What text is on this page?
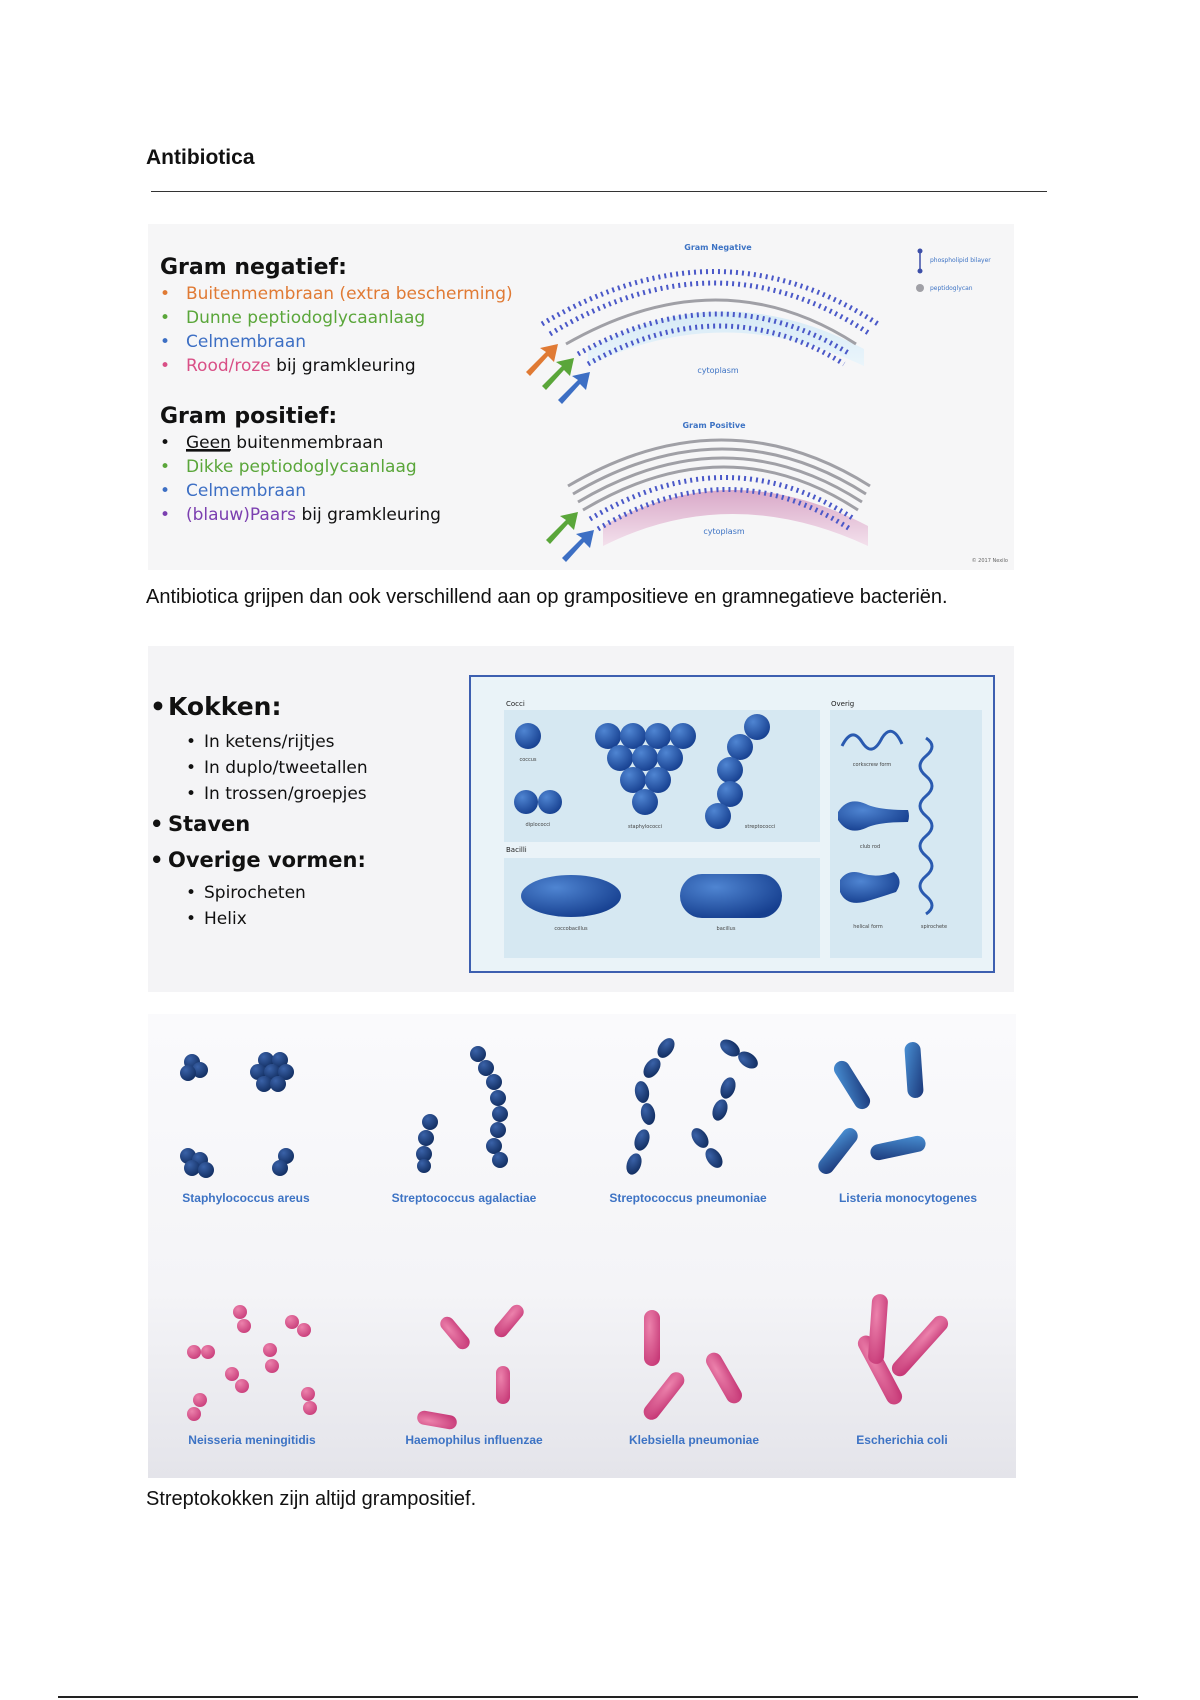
Antibiotica
Gram negatief:
• Buitenmembraan (extra bescherming)
• Dunne peptiodoglycaanlaag
• Celmembraan
• Rood/roze bij gramkleuring
Gram positief:
• Geen buitenmembraan
• Dikke peptiodoglycaanlaag
• Celmembraan
• (blauw)Paars bij gramkleuring
Gram Negative
cytoplasm
phospholipid bilayer
peptidoglycan
Gram Positive
cytoplasm
© 2017 Nexilo

Antibiotica grijpen dan ook verschillend aan op grampositieve en gramnegatieve bacteriën.

• Kokken:
• In ketens/rijtjes
• In duplo/tweetallen
• In trossen/groepjes
• Staven
• Overige vormen:
• Spirocheten
• Helix
Cocci	Overig
Bacilli
coccus
diplococci	staphylococci	streptococci
coccobacillus	bacillus
corkscrew form
club rod
helical form	spirochete
Staphylococcus areus	Streptococcus agalactiae	Streptococcus pneumoniae	Listeria monocytogenes
Neisseria meningitidis	Haemophilus influenzae	Klebsiella pneumoniae	Escherichia coli

Streptokokken zijn altijd grampositief.
